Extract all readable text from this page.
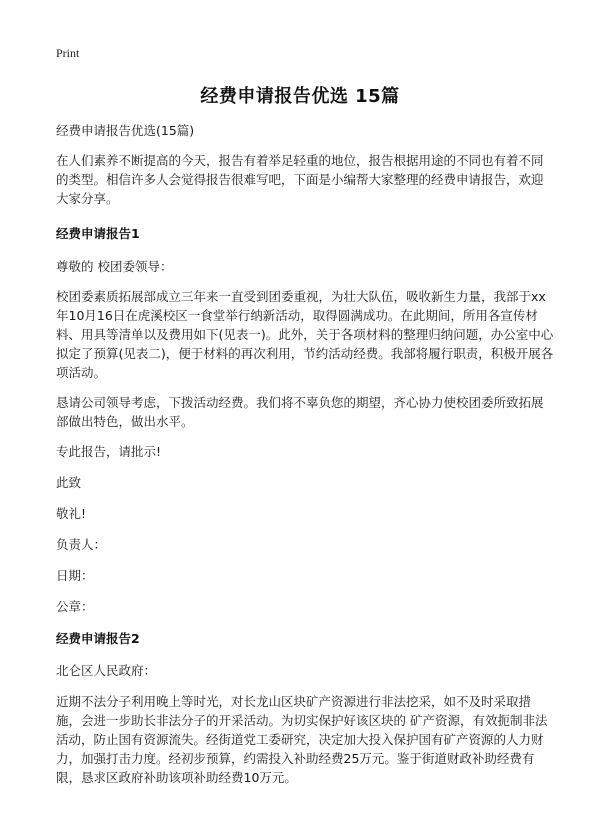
Print
经费申请报告优选 15篇

经费申请报告优选(15篇)

在人们素养不断提高的今天，报告有着举足轻重的地位，报告根据用途的不同也有着不同的类型。相信许多人会觉得报告很难写吧，下面是小编帮大家整理的经费申请报告，欢迎大家分享。

经费申请报告1

尊敬的 校团委领导：

校团委素质拓展部成立三年来一直受到团委重视，为壮大队伍，吸收新生力量，我部于xx年10月16日在虎溪校区一食堂举行纳新活动，取得圆满成功。在此期间，所用各宣传材料、用具等清单以及费用如下(见表一)。此外，关于各项材料的整理归纳问题，办公室中心拟定了预算(见表二)，便于材料的再次利用，节约活动经费。我部将履行职责，积极开展各项活动。

恳请公司领导考虑，下拨活动经费。我们将不辜负您的期望，齐心协力使校团委所致拓展部做出特色，做出水平。

专此报告，请批示!

此致

敬礼!

负责人：

日期：

公章：

经费申请报告2

北仑区人民政府：

近期不法分子利用晚上等时光，对长龙山区块矿产资源进行非法挖采，如不及时采取措施，会进一步助长非法分子的开采活动。为切实保护好该区块的 矿产资源，有效扼制非法活动，防止国有资源流失。经街道党工委研究，决定加大投入保护国有矿产资源的人力财力，加强打击力度。经初步预算，约需投入补助经费25万元。鉴于街道财政补助经费有限，恳求区政府补助该项补助经费10万元。
